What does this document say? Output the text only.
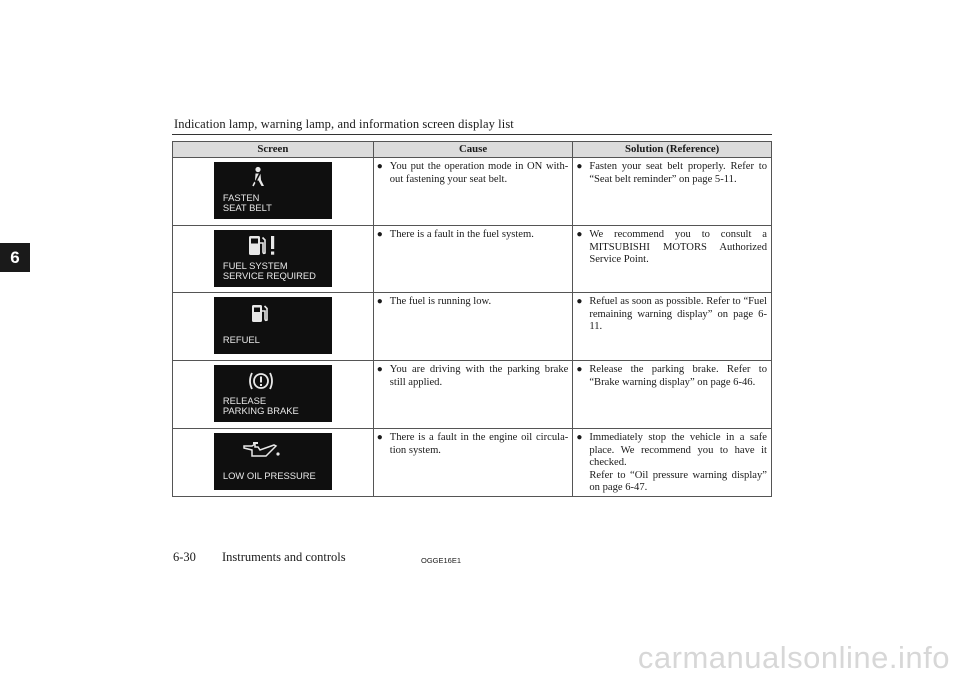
Indication lamp, warning lamp, and information screen display list
6
Screen	Cause	Solution (Reference)

FASTEN
SEAT BELT	● You put the operation mode in ON with-out fastening your seat belt.	● Fasten your seat belt properly. Refer to “Seat belt reminder” on page 5-11.

FUEL SYSTEM
SERVICE REQUIRED	● There is a fault in the fuel system.	● We recommend you to consult a MITSUBISHI MOTORS Authorized Service Point.

REFUEL	● The fuel is running low.	● Refuel as soon as possible. Refer to “Fuel remaining warning display” on page 6-11.

RELEASE
PARKING BRAKE	● You are driving with the parking brake still applied.	● Release the parking brake. Refer to “Brake warning display” on page 6-46.

LOW OIL PRESSURE	● There is a fault in the engine oil circula-tion system.	● Immediately stop the vehicle in a safe place. We recommend you to have it checked.
Refer to “Oil pressure warning display” on page 6-47.
6-30 Instruments and controls	OGGE16E1
carmanualsonline.info
